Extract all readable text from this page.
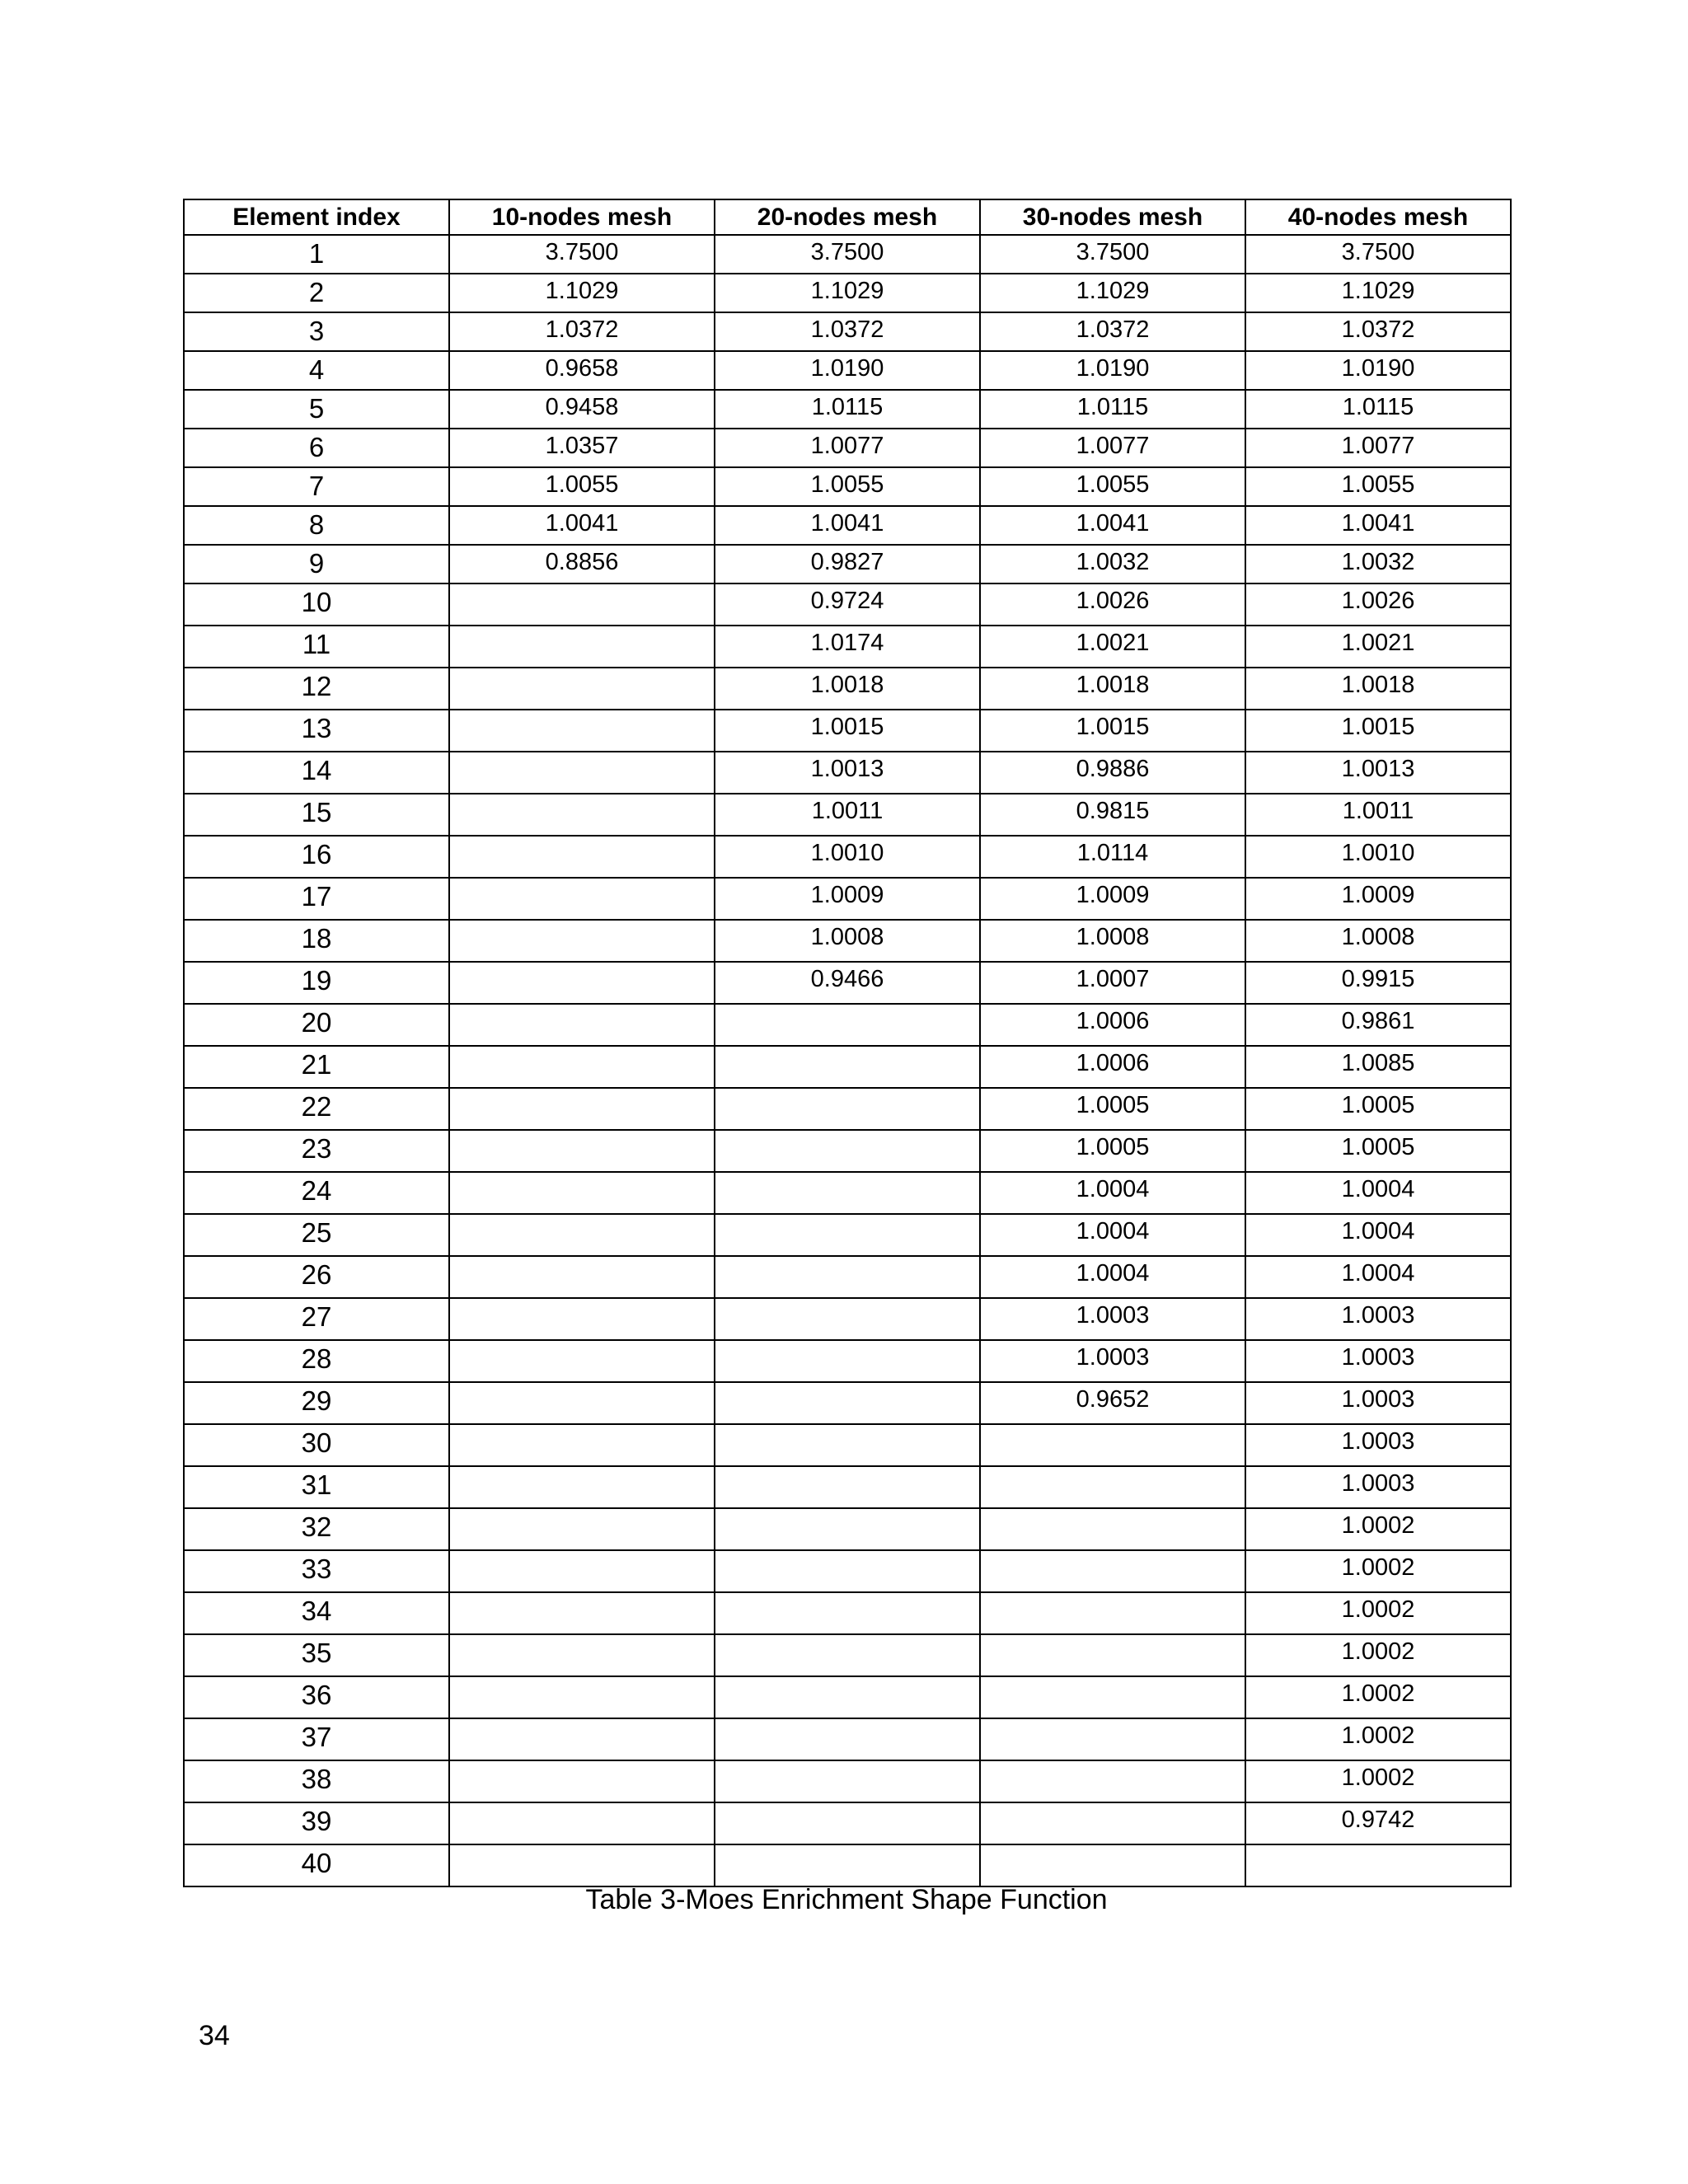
Element index	10-nodes mesh	20-nodes mesh	30-nodes mesh	40-nodes mesh
1	3.7500	3.7500	3.7500	3.7500
2	1.1029	1.1029	1.1029	1.1029
3	1.0372	1.0372	1.0372	1.0372
4	0.9658	1.0190	1.0190	1.0190
5	0.9458	1.0115	1.0115	1.0115
6	1.0357	1.0077	1.0077	1.0077
7	1.0055	1.0055	1.0055	1.0055
8	1.0041	1.0041	1.0041	1.0041
9	0.8856	0.9827	1.0032	1.0032
10		0.9724	1.0026	1.0026
11		1.0174	1.0021	1.0021
12		1.0018	1.0018	1.0018
13		1.0015	1.0015	1.0015
14		1.0013	0.9886	1.0013
15		1.0011	0.9815	1.0011
16		1.0010	1.0114	1.0010
17		1.0009	1.0009	1.0009
18		1.0008	1.0008	1.0008
19		0.9466	1.0007	0.9915
20			1.0006	0.9861
21			1.0006	1.0085
22			1.0005	1.0005
23			1.0005	1.0005
24			1.0004	1.0004
25			1.0004	1.0004
26			1.0004	1.0004
27			1.0003	1.0003
28			1.0003	1.0003
29			0.9652	1.0003
30				1.0003
31				1.0003
32				1.0002
33				1.0002
34				1.0002
35				1.0002
36				1.0002
37				1.0002
38				1.0002
39				0.9742
40				
Table 3-Moes Enrichment Shape Function
34
